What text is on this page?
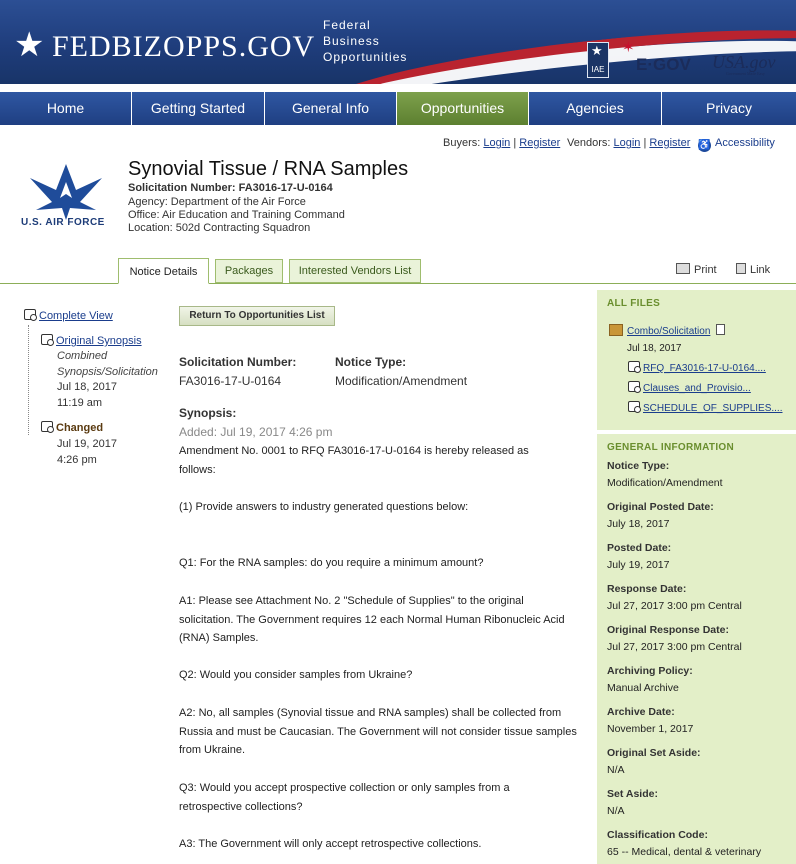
★ FEDBIZOPPS.GOV
Federal
Business
Opportunities
IAE
★ ✶
E·GOV USA.gov
Government Made Easy
Home	Getting Started	General Info	Opportunities	Agencies	Privacy
Buyers: Login | Register Vendors: Login | Register ♿ Accessibility
U.S. AIR FORCE
Synovial Tissue / RNA Samples
Solicitation Number: FA3016-17-U-0164
Agency: Department of the Air Force
Office: Air Education and Training Command
Location: 502d Contracting Squadron
Notice Details	Packages	Interested Vendors List	Print	Link
Complete View
Original Synopsis
Combined
Synopsis/Solicitation
Jul 18, 2017
11:19 am
Changed
Jul 19, 2017
4:26 pm
Return To Opportunities List
Solicitation Number:
FA3016-17-U-0164
Notice Type:
Modification/Amendment
Synopsis:
Added: Jul 19, 2017 4:26 pm
Amendment No. 0001 to RFQ FA3016-17-U-0164 is hereby released as follows:
(1) Provide answers to industry generated questions below:
Q1: For the RNA samples: do you require a minimum amount?
A1: Please see Attachment No. 2 "Schedule of Supplies" to the original solicitation. The Government requires 12 each Normal Human Ribonucleic Acid (RNA) Samples.
Q2: Would you consider samples from Ukraine?
A2: No, all samples (Synovial tissue and RNA samples) shall be collected from Russia and must be Caucasian. The Government will not consider tissue samples from Ukraine.
Q3: Would you accept prospective collection or only samples from a retrospective collections?
A3: The Government will only accept retrospective collections.
ALL FILES
Combo/Solicitation
Jul 18, 2017
RFQ_FA3016-17-U-0164....
Clauses_and_Provisio...
SCHEDULE_OF_SUPPLIES....
GENERAL INFORMATION
Notice Type:
Modification/Amendment
Original Posted Date:
July 18, 2017
Posted Date:
July 19, 2017
Response Date:
Jul 27, 2017 3:00 pm Central
Original Response Date:
Jul 27, 2017 3:00 pm Central
Archiving Policy:
Manual Archive
Archive Date:
November 1, 2017
Original Set Aside:
N/A
Set Aside:
N/A
Classification Code:
65 -- Medical, dental & veterinary
